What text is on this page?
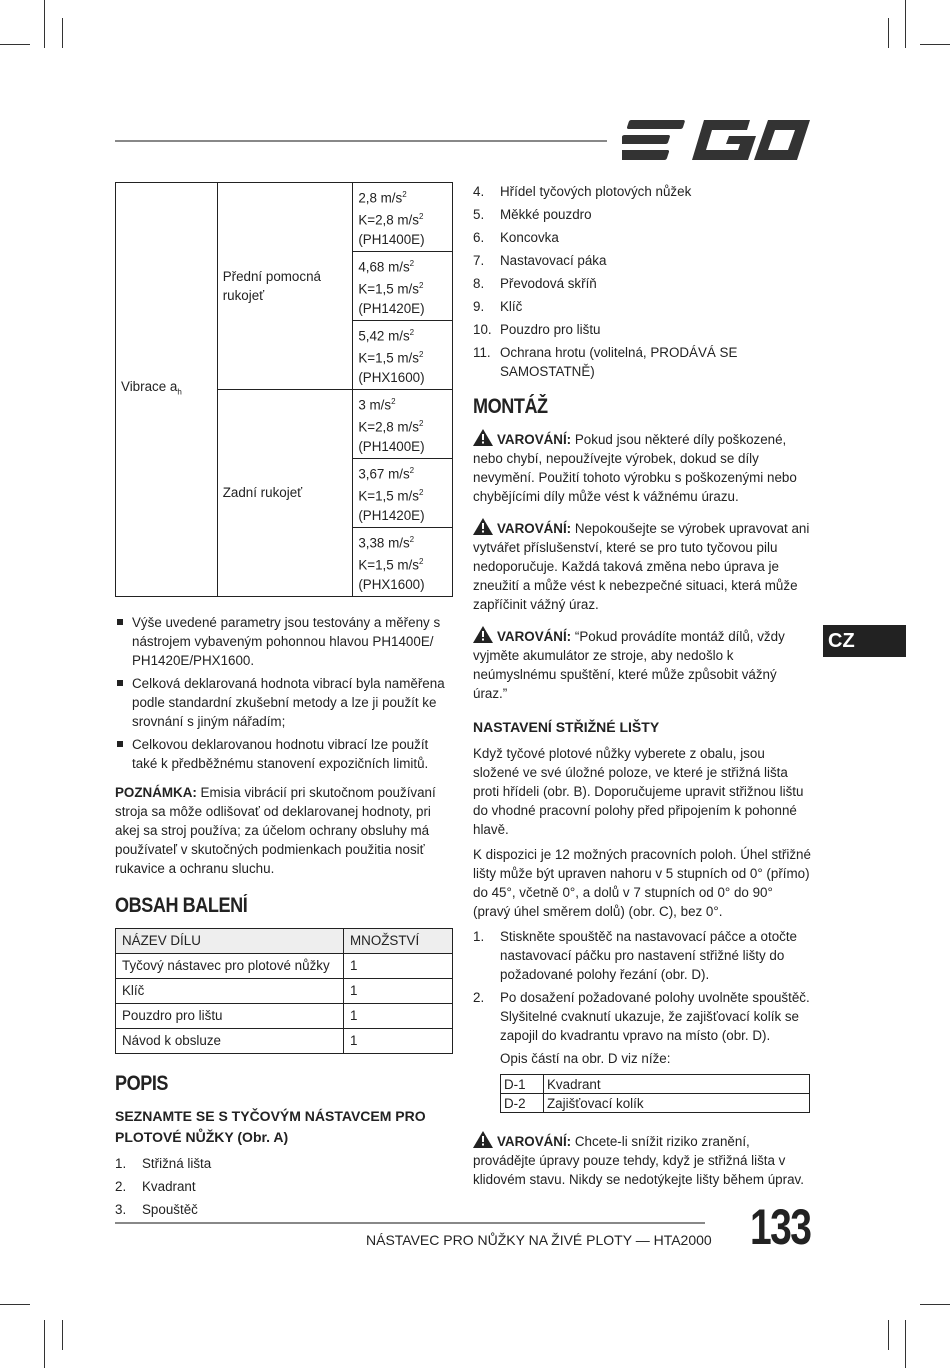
Vibrace $a_h$	Přední pomocná rukojeť	2,8 $m/s^2$
K=2,8 $m/s^2$
(PH1400E)
		4,68 $m/s^2$
K=1,5 $m/s^2$
(PH1420E)
		5,42 $m/s^2$
K=1,5 $m/s^2$
(PHX1600)
	Zadní rukojeť	3 $m/s^2$
K=2,8 $m/s^2$
(PH1400E)
		3,67 $m/s^2$
K=1,5 $m/s^2$
(PH1420E)
		3,38 $m/s^2$
K=1,5 $m/s^2$
(PHX1600)
Výše uvedené parametry jsou testovány a měřeny s nástrojem vybaveným pohonnou hlavou PH1400E/ PH1420E/PHX1600.
Celková deklarovaná hodnota vibrací byla naměřena podle standardní zkušební metody a lze ji použít ke srovnání s jiným nářadím;
Celkovou deklarovanou hodnotu vibrací lze použít také k předběžnému stanovení expozičních limitů.

POZNÁMKA: Emisia vibrácií pri skutočnom používaní stroja sa môže odlišovať od deklarovanej hodnoty, pri akej sa stroj používa; za účelom ochrany obsluhy má používateľ v skutočných podmienkach použitia nosiť rukavice a ochranu sluchu.

OBSAH BALENÍ
NÁZEV DÍLU	MNOŽSTVÍ
Tyčový nástavec pro plotové nůžky	1
Klíč	1
Pouzdro pro lištu	1
Návod k obsluze	1
POPIS
SEZNAMTE SE S TYČOVÝM NÁSTAVCEM PRO PLOTOVÉ NŮŽKY (Obr. A)
1.	Střižná lišta
2.	Kvadrant
3.	Spouštěč
4.	Hřídel tyčových plotových nůžek
5.	Měkké pouzdro
6.	Koncovka
7.	Nastavovací páka
8.	Převodová skříň
9.	Klíč
10. Pouzdro pro lištu
11. Ochrana hrotu (volitelná, PRODÁVÁ SE SAMOSTATNĚ)
MONTÁŽ

VAROVÁNÍ: Pokud jsou některé díly poškozené, nebo chybí, nepoužívejte výrobek, dokud se díly nevymění. Použití tohoto výrobku s poškozenými nebo chybějícími díly může vést k vážnému úrazu.

VAROVÁNÍ: Nepokoušejte se výrobek upravovat ani vytvářet příslušenství, které se pro tuto tyčovou pilu nedoporučuje. Každá taková změna nebo úprava je zneužití a může vést k nebezpečné situaci, která může zapříčinit vážný úraz.

VAROVÁNÍ: “Pokud provádíte montáž dílů, vždy vyjměte akumulátor ze stroje, aby nedošlo k neúmyslnému spuštění, které může způsobit vážný úraz.”

NASTAVENÍ STŘIŽNÉ LIŠTY

Když tyčové plotové nůžky vyberete z obalu, jsou složené ve své úložné poloze, ve které je střižná lišta proti hřídeli (obr. B). Doporučujeme upravit střižnou lištu do vhodné pracovní polohy před připojením k pohonné hlavě.

K dispozici je 12 možných pracovních poloh. Úhel střižné lišty může být upraven nahoru v 5 stupních od 0° (přímo) do 45°, včetně 0°, a dolů v 7 stupních od 0° do 90° (pravý úhel směrem dolů) (obr. C), bez 0°.

1.	Stiskněte spouštěč na nastavovací páčce a otočte nastavovací páčku pro nastavení střižné lišty do požadované polohy řezání (obr. D).
2.	Po dosažení požadované polohy uvolněte spouštěč. Slyšitelné cvaknutí ukazuje, že zajišťovací kolík se zapojil do kvadrantu vpravo na místo (obr. D).

Opis částí na obr. D viz níže:

D-1	Kvadrant
D-2	Zajišťovací kolík

VAROVÁNÍ: Chcete-li snížit riziko zranění, provádějte úpravy pouze tehdy, když je střižná lišta v klidovém stavu. Nikdy se nedotýkejte lišty během úprav.

CZ
NÁSTAVEC PRO NŮŽKY NA ŽIVÉ PLOTY — HTA2000 133
